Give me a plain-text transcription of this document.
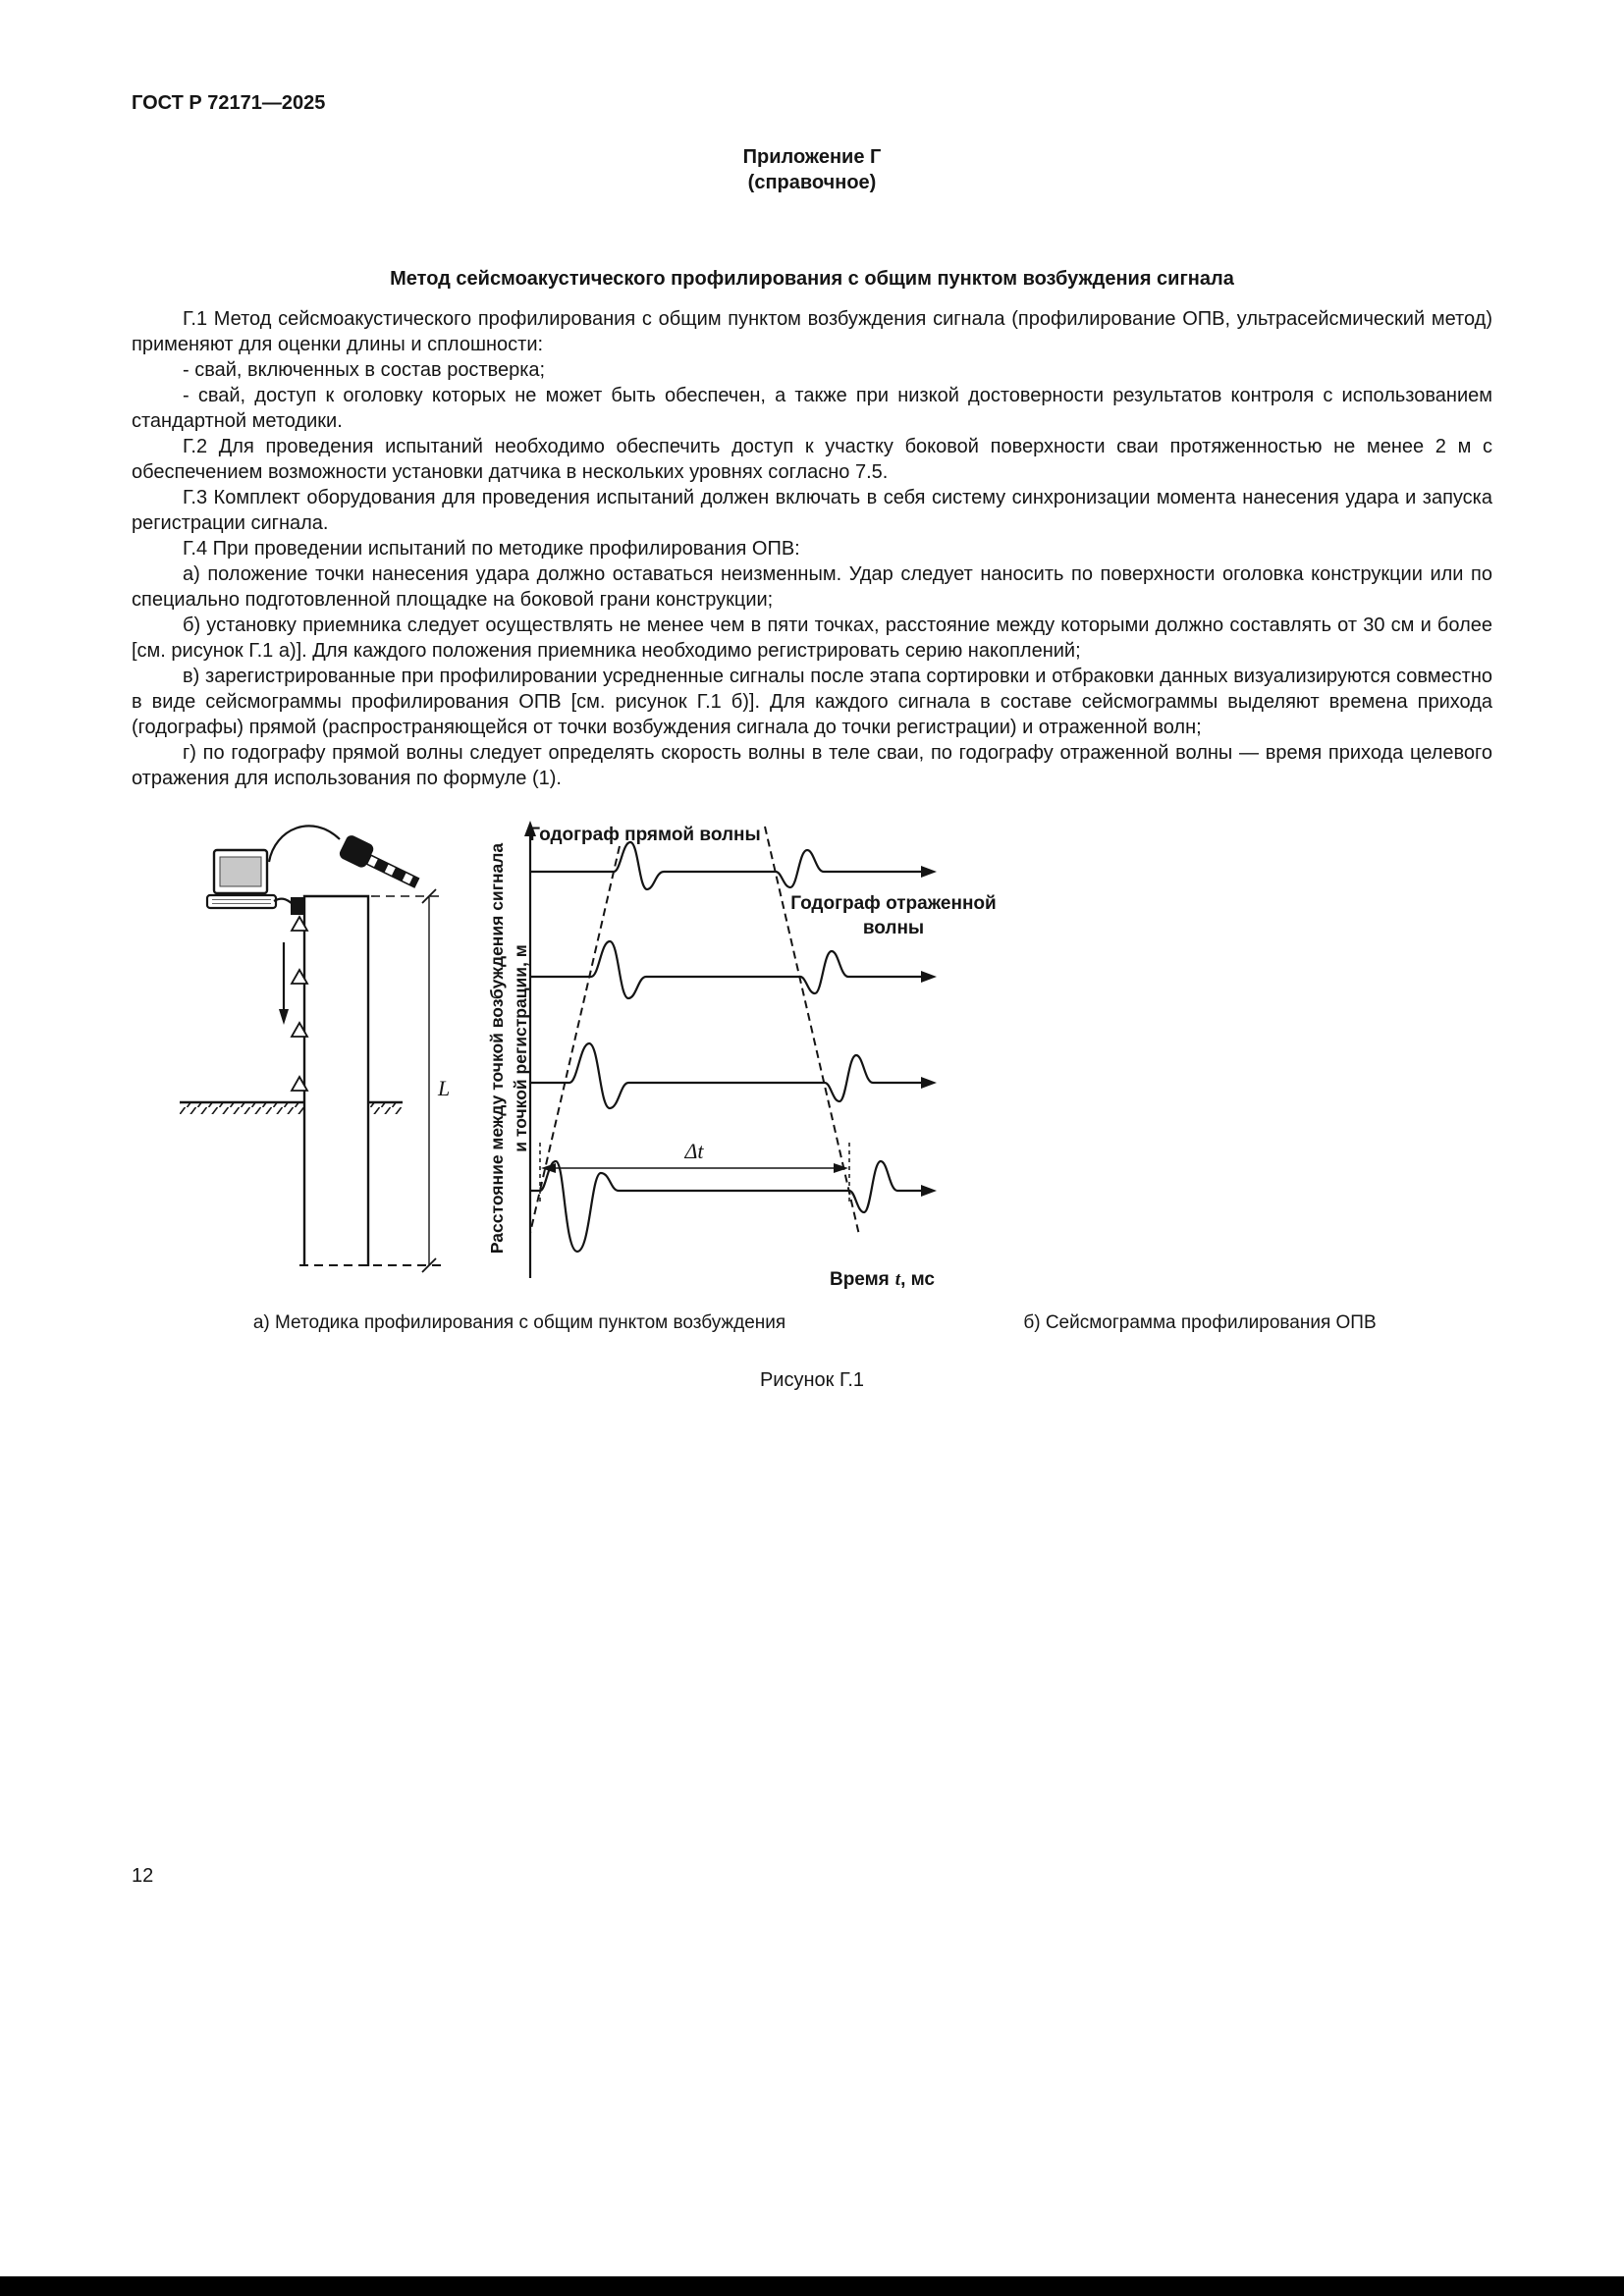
ГОСТ Р 72171—2025
Приложение Г
(справочное)
Метод сейсмоакустического профилирования с общим пунктом возбуждения сигнала

Г.1 Метод сейсмоакустического профилирования с общим пунктом возбуждения сигнала (профилирование ОПВ, ультрасейсмический метод) применяют для оценки длины и сплошности:

- свай, включенных в состав ростверка;

- свай, доступ к оголовку которых не может быть обеспечен, а также при низкой достоверности результатов контроля с использованием стандартной методики.

Г.2 Для проведения испытаний необходимо обеспечить доступ к участку боковой поверхности сваи протяженностью не менее 2 м с обеспечением возможности установки датчика в нескольких уровнях согласно 7.5.

Г.3 Комплект оборудования для проведения испытаний должен включать в себя систему синхронизации момента нанесения удара и запуска регистрации сигнала.

Г.4 При проведении испытаний по методике профилирования ОПВ:

а) положение точки нанесения удара должно оставаться неизменным. Удар следует наносить по поверхности оголовка конструкции или по специально подготовленной площадке на боковой грани конструкции;

б) установку приемника следует осуществлять не менее чем в пяти точках, расстояние между которыми должно составлять от 30 см и более [см. рисунок Г.1 а)]. Для каждого положения приемника необходимо регистрировать серию накоплений;

в) зарегистрированные при профилировании усредненные сигналы после этапа сортировки и отбраковки данных визуализируются совместно в виде сейсмограммы профилирования ОПВ [см. рисунок Г.1 б)]. Для каждого сигнала в составе сейсмограммы выделяют времена прихода (годографы) прямой (распространяющейся от точки возбуждения сигнала до точки регистрации) и отраженной волн;

г) по годографу прямой волны следует определять скорость волны в теле сваи, по годографу отраженной волны — время прихода целевого отражения для использования по формуле (1).

L
Δt
Годограф прямой волны
Годограф отраженной
волны
Расстояние между точкой возбуждения сигнала и точкой регистрации, м
Время t, мс
а) Методика профилирования с общим пунктом возбуждения	б) Сейсмограмма профилирования ОПВ
Рисунок Г.1
12
